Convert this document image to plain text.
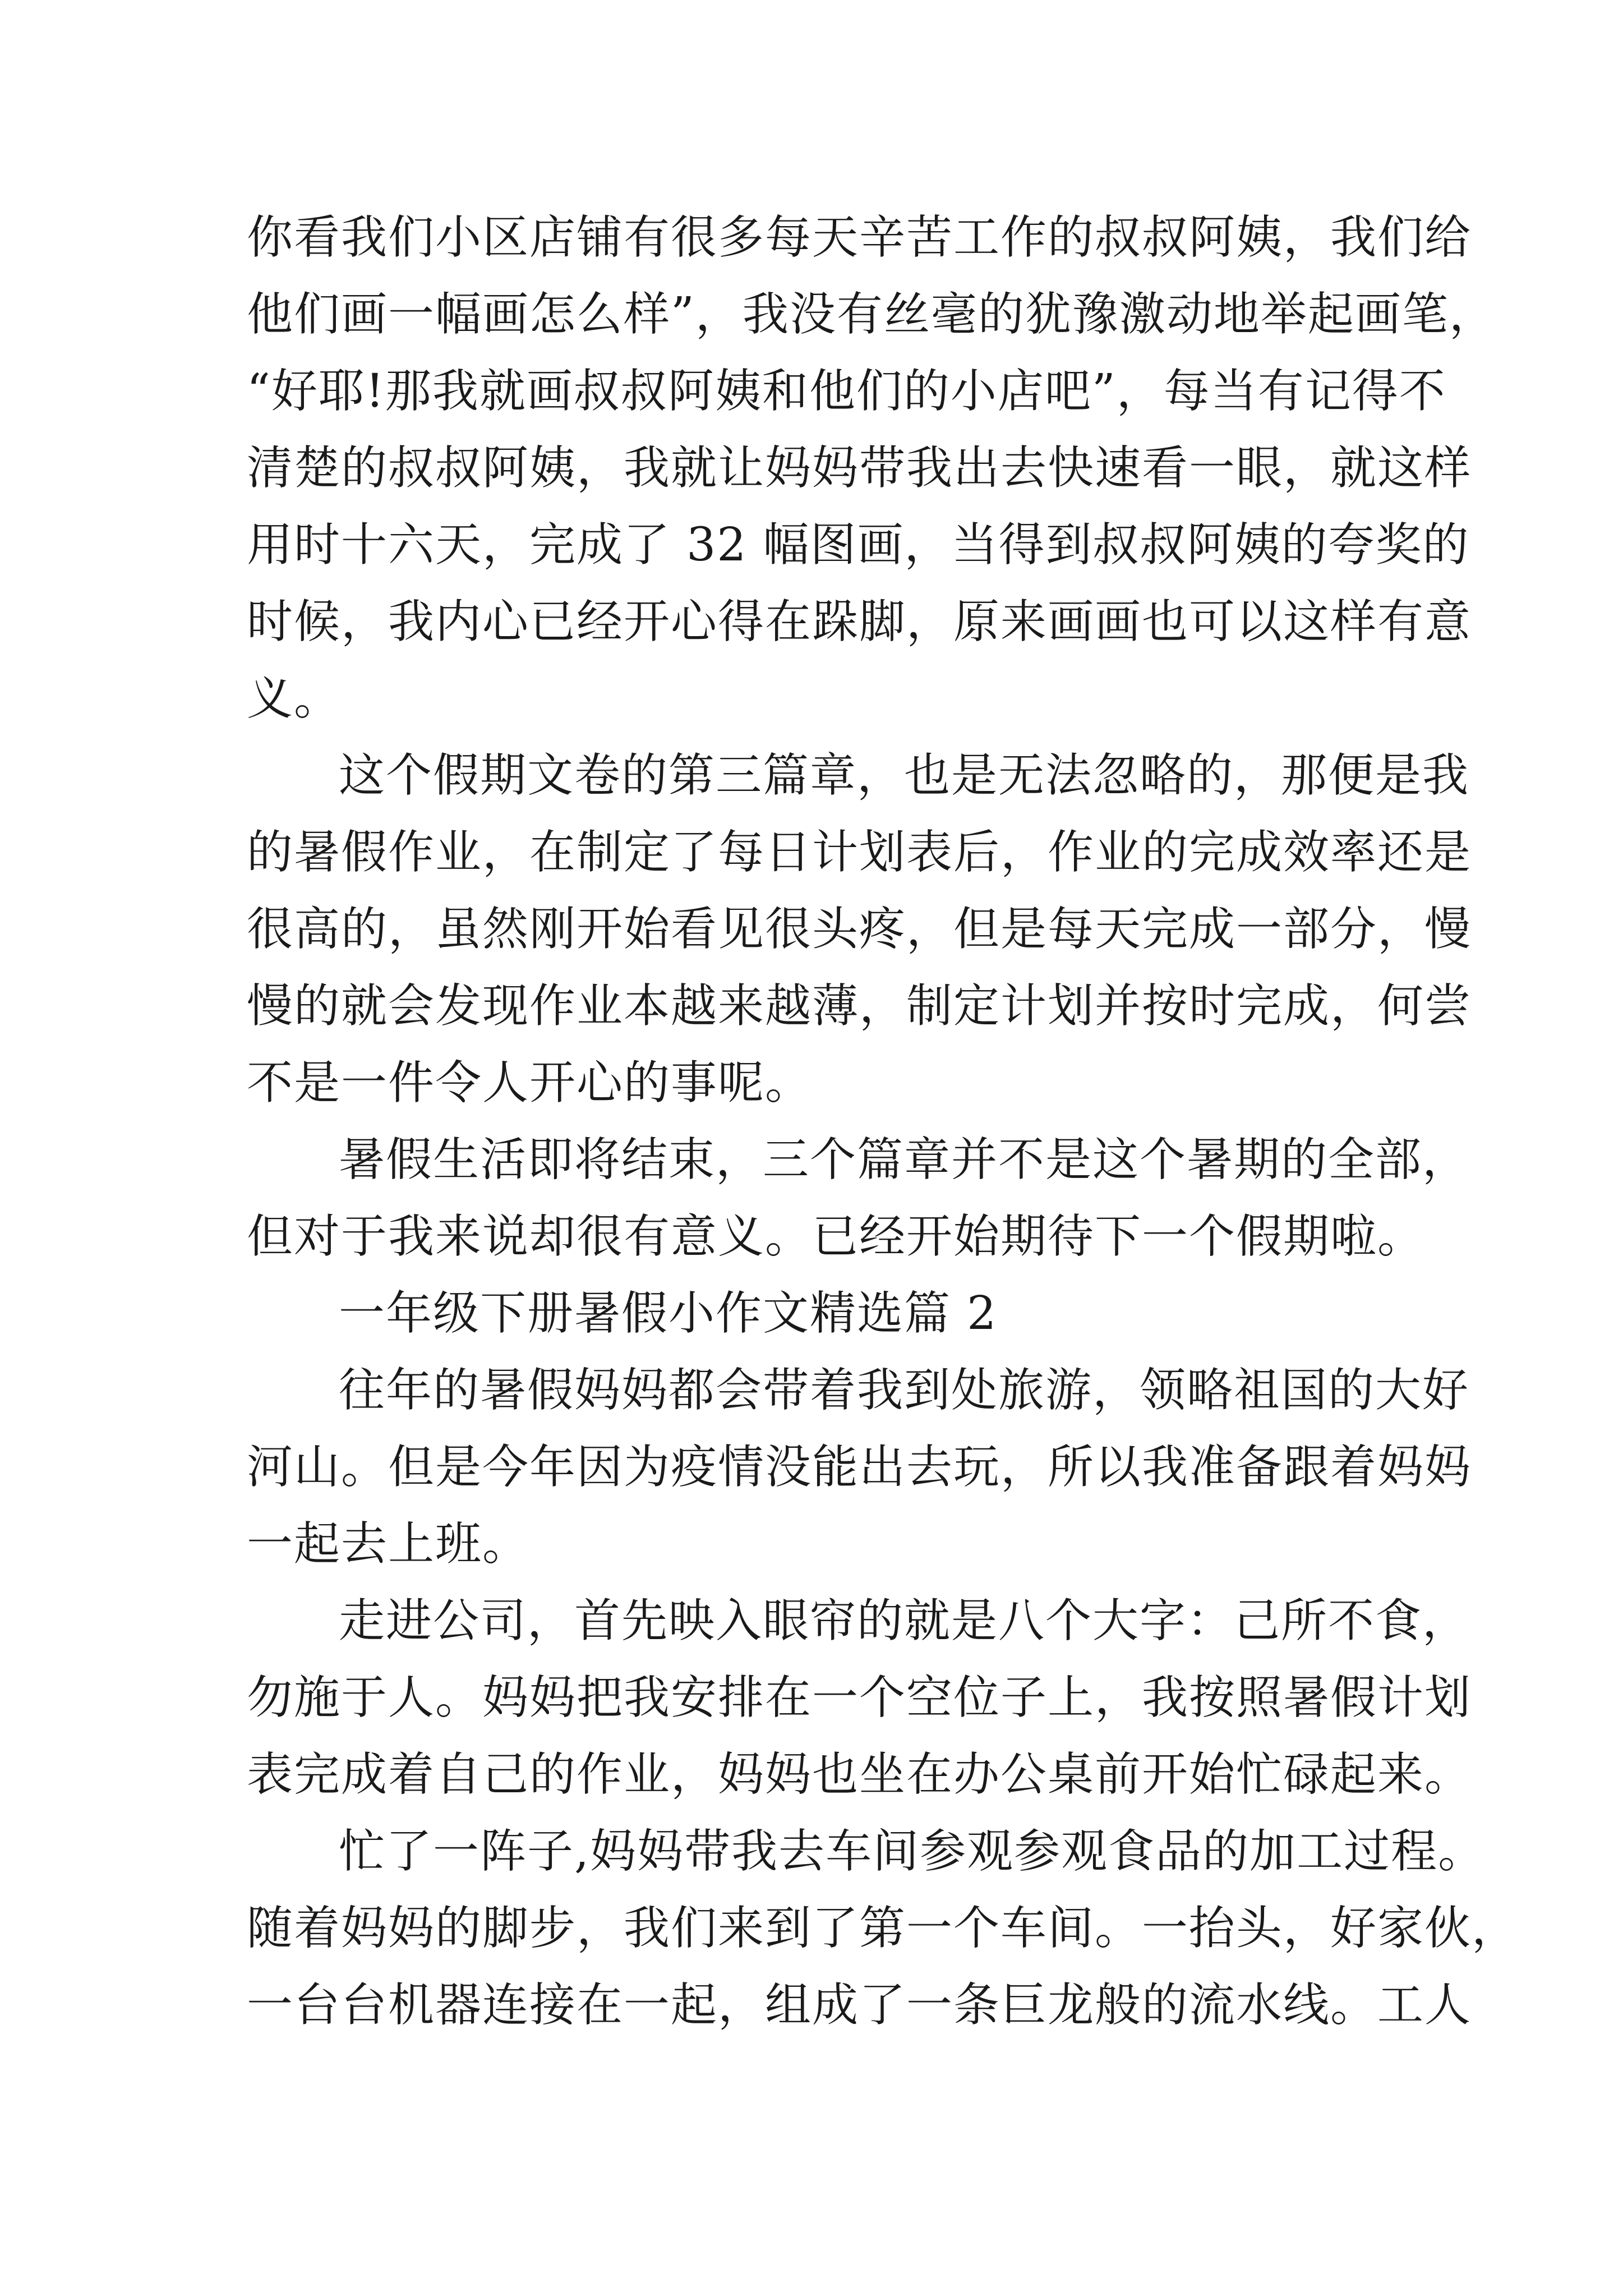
你看我们小区店铺有很多每天辛苦工作的叔叔阿姨，我们给
他们画一幅画怎么样”，我没有丝毫的犹豫激动地举起画笔，
“好耶!那我就画叔叔阿姨和他们的小店吧”，每当有记得不
清楚的叔叔阿姨，我就让妈妈带我出去快速看一眼，就这样
用时十六天，完成了 32 幅图画，当得到叔叔阿姨的夸奖的
时候，我内心已经开心得在跺脚，原来画画也可以这样有意
义。
这个假期文卷的第三篇章，也是无法忽略的，那便是我
的暑假作业，在制定了每日计划表后，作业的完成效率还是
很高的，虽然刚开始看见很头疼，但是每天完成一部分，慢
慢的就会发现作业本越来越薄，制定计划并按时完成，何尝
不是一件令人开心的事呢。
暑假生活即将结束，三个篇章并不是这个暑期的全部，
但对于我来说却很有意义。已经开始期待下一个假期啦。
一年级下册暑假小作文精选篇 2
往年的暑假妈妈都会带着我到处旅游，领略祖国的大好
河山。但是今年因为疫情没能出去玩，所以我准备跟着妈妈
一起去上班。
走进公司，首先映入眼帘的就是八个大字：己所不食，
勿施于人。妈妈把我安排在一个空位子上，我按照暑假计划
表完成着自己的作业，妈妈也坐在办公桌前开始忙碌起来。
忙了一阵子,妈妈带我去车间参观参观食品的加工过程。
随着妈妈的脚步，我们来到了第一个车间。一抬头，好家伙，
一台台机器连接在一起，组成了一条巨龙般的流水线。工人
